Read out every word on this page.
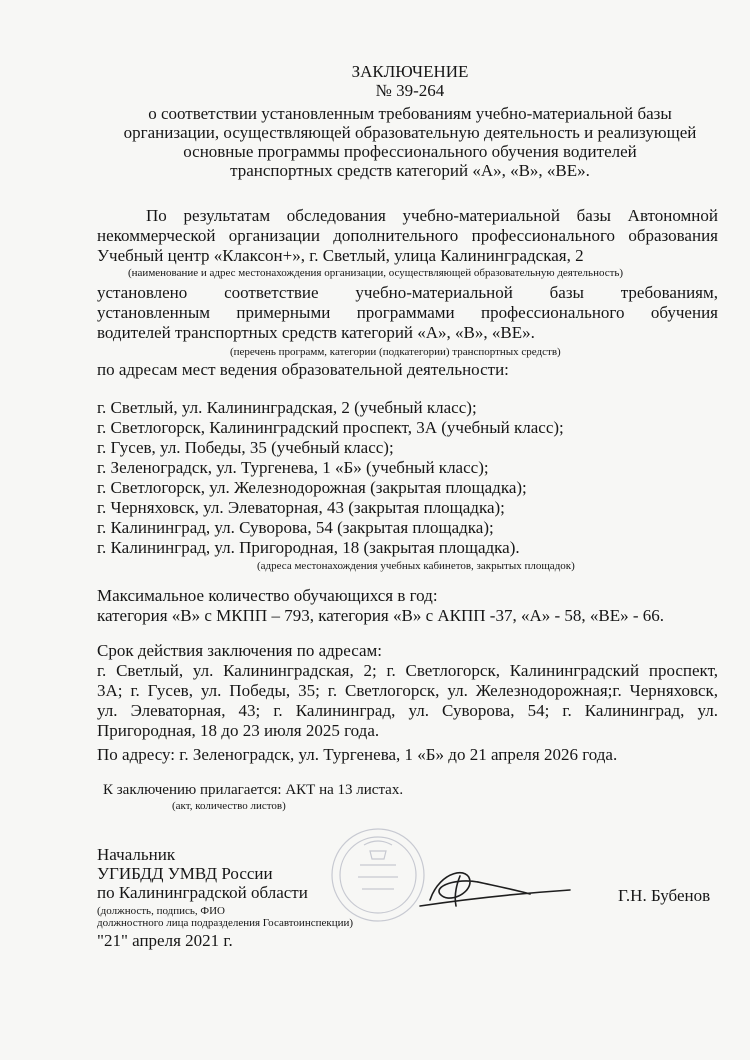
ЗАКЛЮЧЕНИЕ
№ 39-264
о соответствии установленным требованиям учебно-материальной базы
организации, осуществляющей образовательную деятельность и реализующей
основные программы профессионального обучения водителей
транспортных средств категорий «А», «В», «ВЕ».
По результатам обследования учебно-материальной базы Автономной
некоммерческой организации дополнительного профессионального образования
Учебный центр «Клаксон+», г. Светлый, улица Калининградская, 2
(наименование и адрес местонахождения организации, осуществляющей образовательную деятельность)
установлено соответствие учебно-материальной базы требованиям,
установленным примерными программами профессионального обучения
водителей транспортных средств категорий «А», «В», «ВЕ».
(перечень программ, категории (подкатегории) транспортных средств)
по адресам мест ведения образовательной деятельности:
г. Светлый, ул. Калининградская, 2 (учебный класс);
г. Светлогорск, Калининградский проспект, 3А (учебный класс);
г. Гусев, ул. Победы, 35 (учебный класс);
г. Зеленоградск, ул. Тургенева, 1 «Б» (учебный класс);
г. Светлогорск, ул. Железнодорожная (закрытая площадка);
г. Черняховск, ул. Элеваторная, 43 (закрытая площадка);
г. Калининград, ул. Суворова, 54 (закрытая площадка);
г. Калининград, ул. Пригородная, 18 (закрытая площадка).
(адреса местонахождения учебных кабинетов, закрытых площадок)
Максимальное количество обучающихся в год:
категория «В» с МКПП – 793, категория «В» с АКПП -37, «А» - 58, «ВЕ» - 66.
Срок действия заключения по адресам:
г. Светлый, ул. Калининградская, 2; г. Светлогорск, Калининградский проспект,
3А; г. Гусев, ул. Победы, 35; г. Светлогорск, ул. Железнодорожная;г. Черняховск,
ул. Элеваторная, 43; г. Калининград, ул. Суворова, 54; г. Калининград, ул.
Пригородная, 18 до 23 июля 2025 года.
По адресу: г. Зеленоградск, ул. Тургенева, 1 «Б» до 21 апреля 2026 года.
К заключению прилагается: АКТ на 13 листах.
(акт, количество листов)
Начальник
УГИБДД УМВД России
по Калининградской области
(должность, подпись, ФИО
должностного лица подразделения Госавтоинспекции)
"21" апреля 2021 г.
Г.Н. Бубенов
